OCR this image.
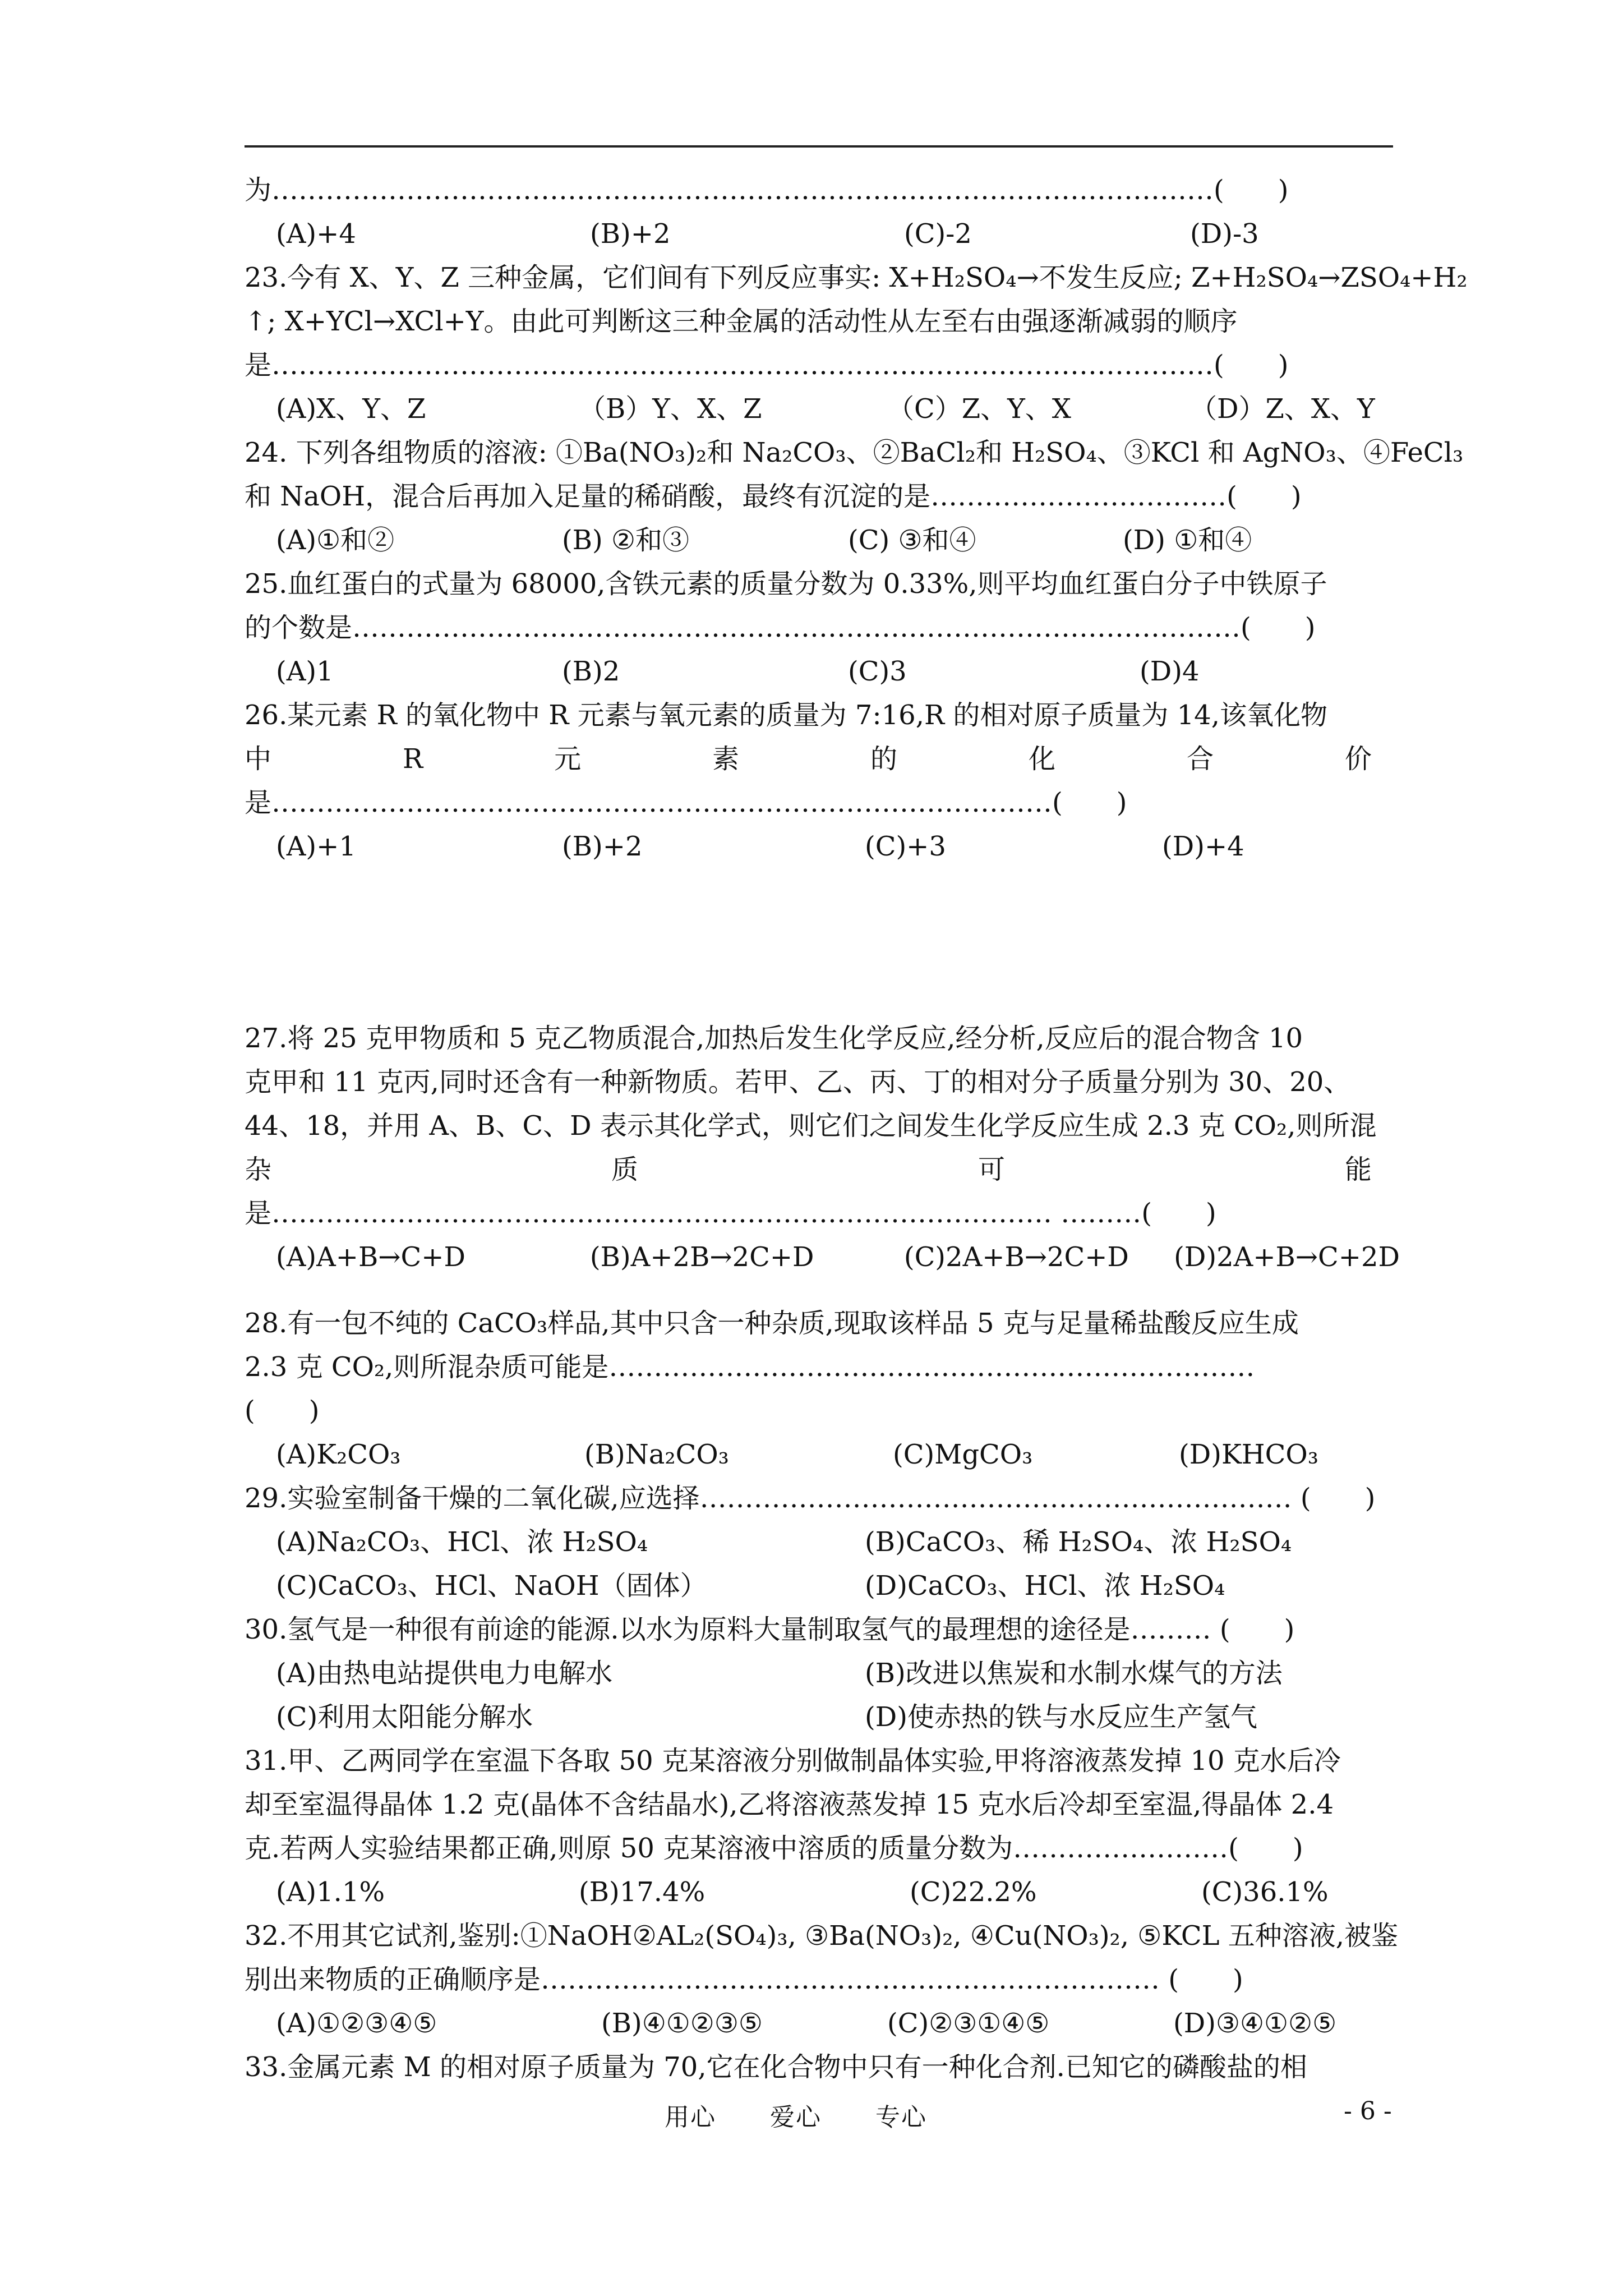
为……………………………………………………………………………………………(　　)
(A)+4	(B)+2	(C)-2	(D)-3
23.今有 X、Y、Z 三种金属，它们间有下列反应事实: X+H₂SO₄→不发生反应; Z+H₂SO₄→ZSO₄+H₂
↑; X+YCl→XCl+Y。由此可判断这三种金属的活动性从左至右由强逐渐减弱的顺序
是……………………………………………………………………………………………(　　)
(A)X、Y、Z	（B）Y、X、Z	（C）Z、Y、X	（D）Z、X、Y
24. 下列各组物质的溶液: ①Ba(NO₃)₂和 Na₂CO₃、②BaCl₂和 H₂SO₄、③KCl 和 AgNO₃、④FeCl₃
和 NaOH，混合后再加入足量的稀硝酸，最终有沉淀的是……………………………(　　)
(A)①和②	(B) ②和③	(C) ③和④	(D) ①和④
25.血红蛋白的式量为 68000,含铁元素的质量分数为 0.33%,则平均血红蛋白分子中铁原子
的个数是………………………………………………………………………………………(　　)
(A)1	(B)2	(C)3	(D)4
26.某元素 R 的氧化物中 R 元素与氧元素的质量为 7:16,R 的相对原子质量为 14,该氧化物
中	R	元	素	的	化	合	价
是……………………………………………………………………………(　　)
(A)+1	(B)+2	(C)+3	(D)+4
27.将 25 克甲物质和 5 克乙物质混合,加热后发生化学反应,经分析,反应后的混合物含 10
克甲和 11 克丙,同时还含有一种新物质。若甲、乙、丙、丁的相对分子质量分别为 30、20、
44、18，并用 A、B、C、D 表示其化学式，则它们之间发生化学反应生成 2.3 克 CO₂,则所混
杂	质	可	能
是…………………………………………………………………………… ………(　　)
(A)A+B→C+D	(B)A+2B→2C+D	(C)2A+B→2C+D	(D)2A+B→C+2D
28.有一包不纯的 CaCO₃样品,其中只含一种杂质,现取该样品 5 克与足量稀盐酸反应生成
2.3 克 CO₂,则所混杂质可能是………………………………………………………………
(　　)
(A)K₂CO₃	(B)Na₂CO₃	(C)MgCO₃	(D)KHCO₃
29.实验室制备干燥的二氧化碳,应选择………………………………………………………… (　　)
(A)Na₂CO₃、HCl、浓 H₂SO₄	(B)CaCO₃、稀 H₂SO₄、浓 H₂SO₄
(C)CaCO₃、HCl、NaOH（固体）	(D)CaCO₃、HCl、浓 H₂SO₄
30.氢气是一种很有前途的能源.以水为原料大量制取氢气的最理想的途径是……… (　　)
(A)由热电站提供电力电解水	(B)改进以焦炭和水制水煤气的方法
(C)利用太阳能分解水	(D)使赤热的铁与水反应生产氢气
31.甲、乙两同学在室温下各取 50 克某溶液分别做制晶体实验,甲将溶液蒸发掉 10 克水后冷
却至室温得晶体 1.2 克(晶体不含结晶水),乙将溶液蒸发掉 15 克水后冷却至室温,得晶体 2.4
克.若两人实验结果都正确,则原 50 克某溶液中溶质的质量分数为……………………(　　)
(A)1.1%	(B)17.4%	(C)22.2%	(C)36.1%
32.不用其它试剂,鉴别:①NaOH②AL₂(SO₄)₃, ③Ba(NO₃)₂, ④Cu(NO₃)₂, ⑤KCL 五种溶液,被鉴
别出来物质的正确顺序是…………………………………………………………… (　　)
(A)①②③④⑤	(B)④①②③⑤	(C)②③①④⑤	(D)③④①②⑤
33.金属元素 M 的相对原子质量为 70,它在化合物中只有一种化合剂.已知它的磷酸盐的相
用心 爱心 专心	- 6 -
